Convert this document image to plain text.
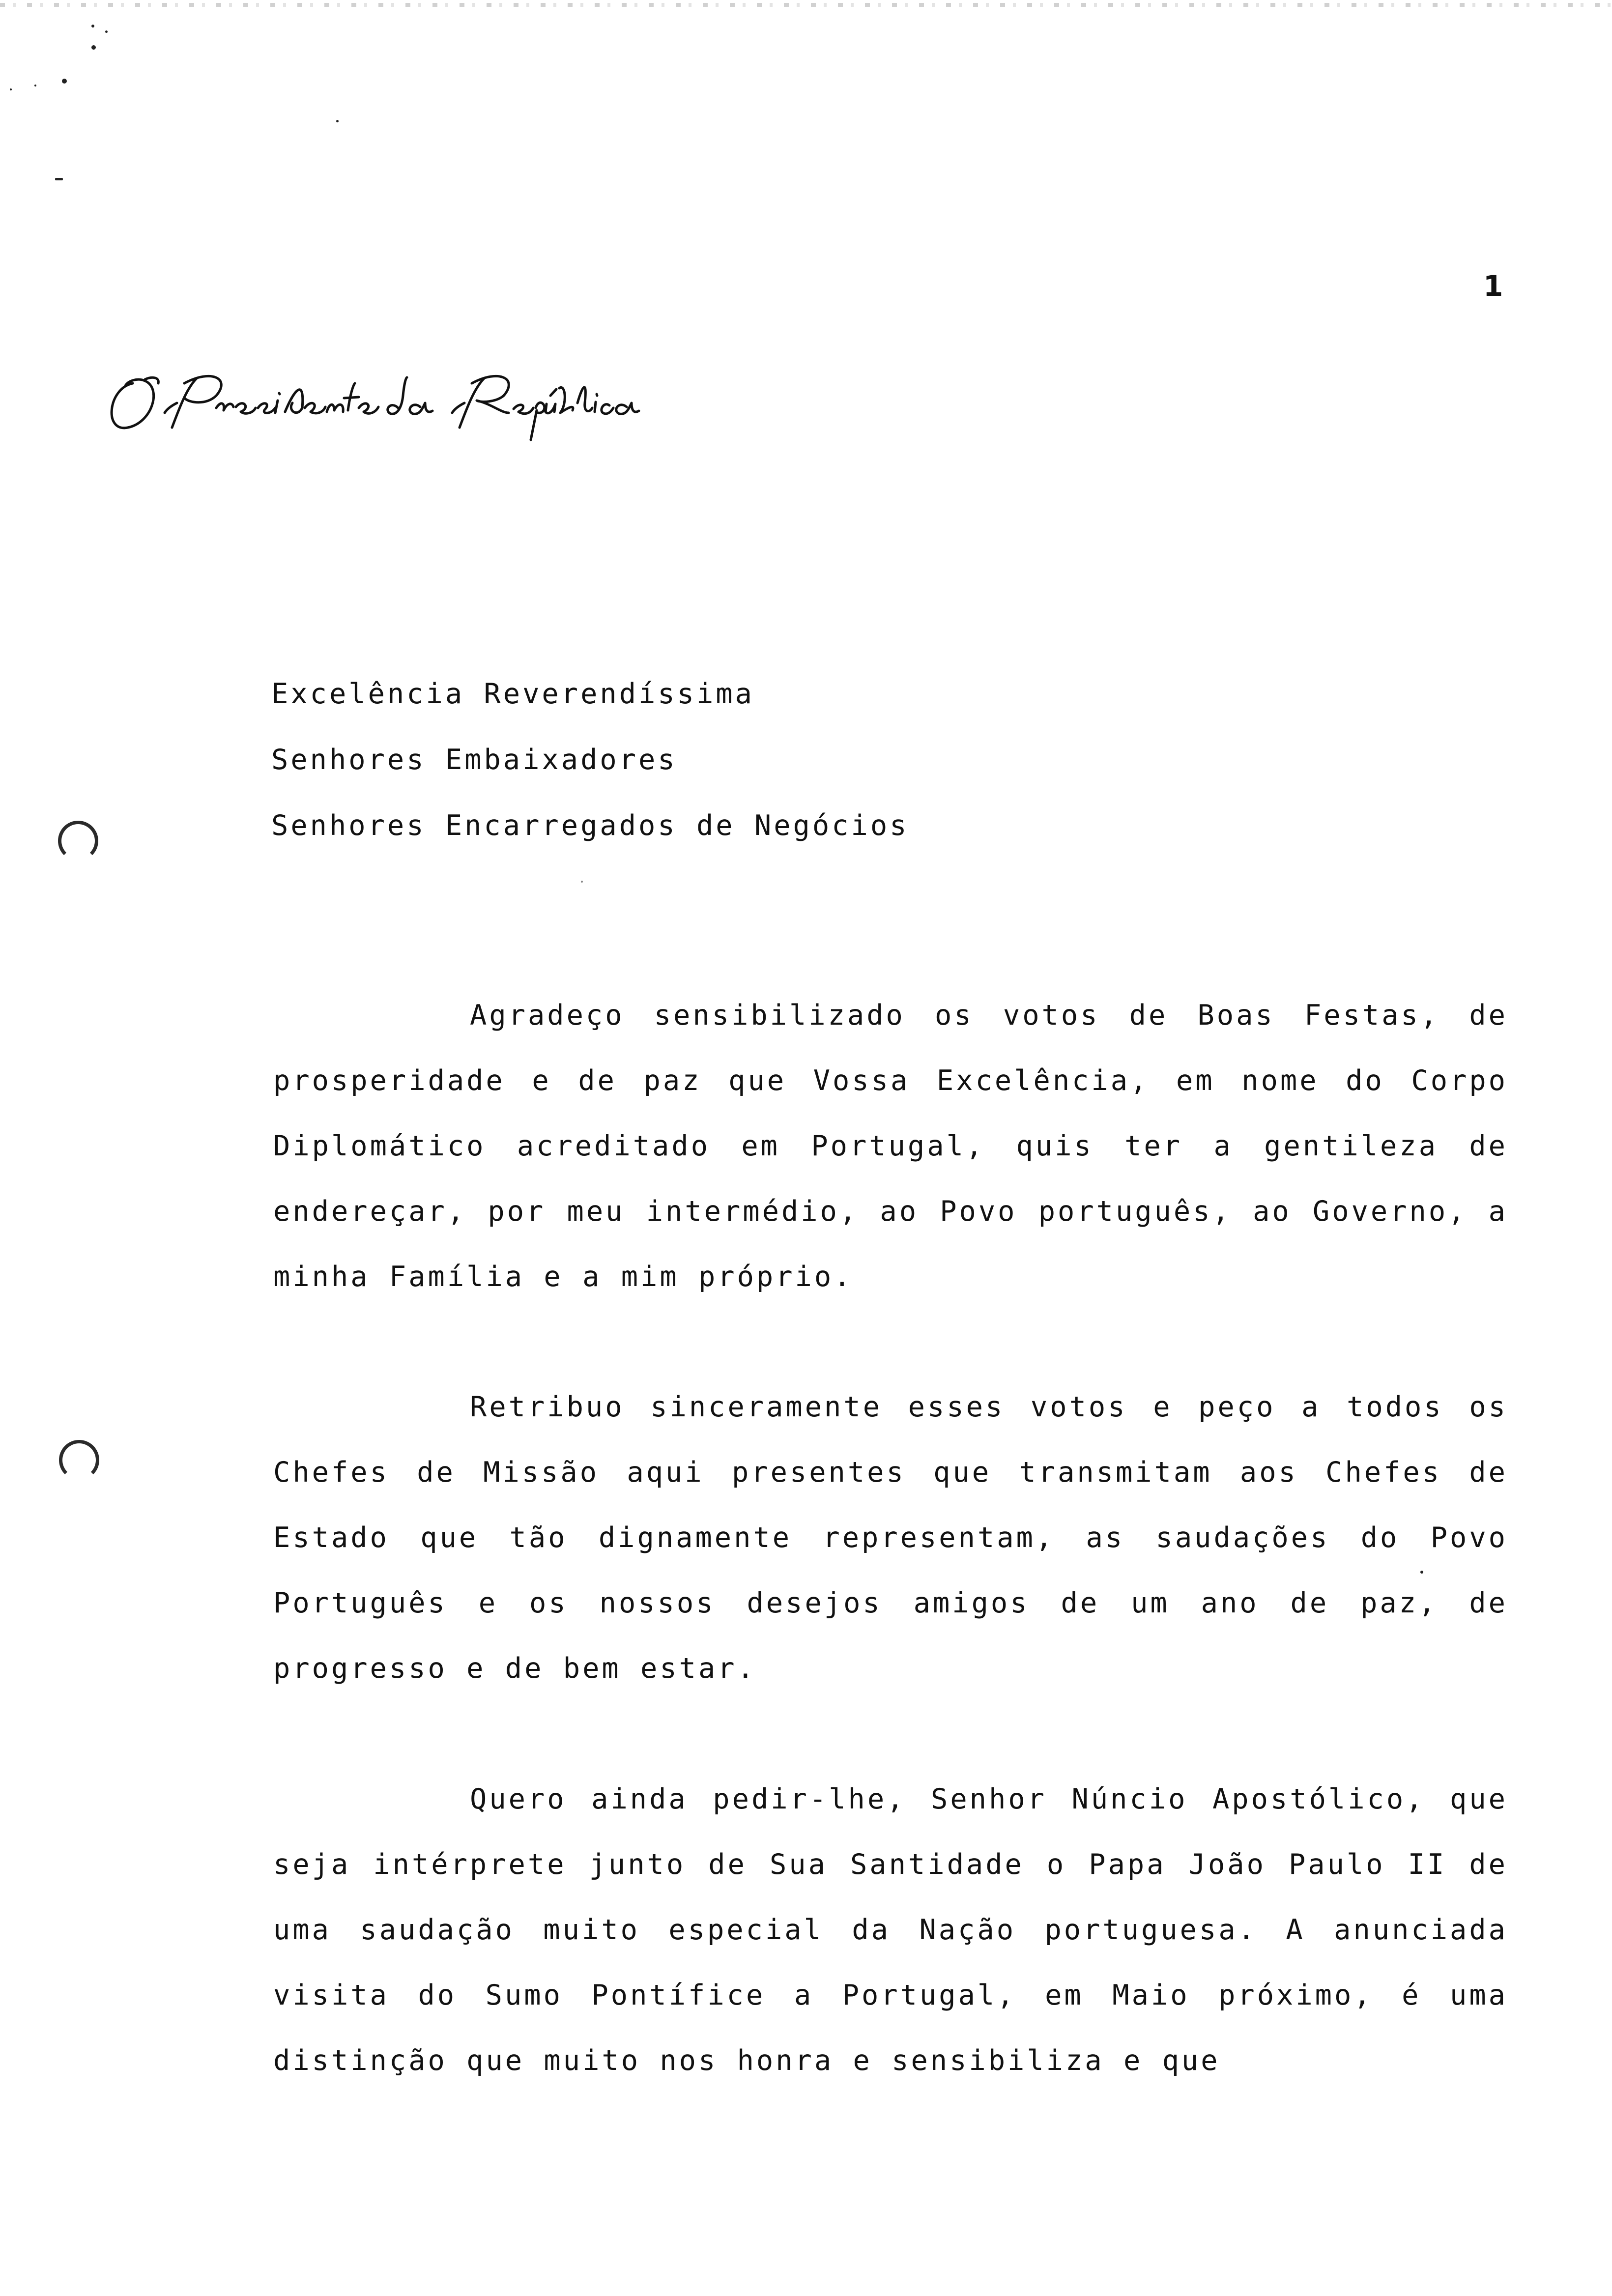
1
Excelência Reverendíssima
Senhores Embaixadores
Senhores Encarregados de Negócios

Agradeço sensibilizado os votos de Boas Festas, de prosperidade e de paz que Vossa Excelência, em nome do Corpo Diplomático acreditado em Portugal, quis ter a gentileza de endereçar, por meu intermédio, ao Povo português, ao Governo, a minha Família e a mim próprio.

Retribuo sinceramente esses votos e peço a todos os Chefes de Missão aqui presentes que transmitam aos Chefes de Estado que tão dignamente representam, as saudações do Povo Português e os nossos desejos amigos de um ano de paz, de progresso e de bem estar.

Quero ainda pedir-lhe, Senhor Núncio Apostólico, que seja intérprete junto de Sua Santidade o Papa João Paulo II de uma saudação muito especial da Nação portuguesa. A anunciada visita do Sumo Pontífice a Portugal, em Maio próximo, é uma distinção que muito nos honra e sensibiliza e que
